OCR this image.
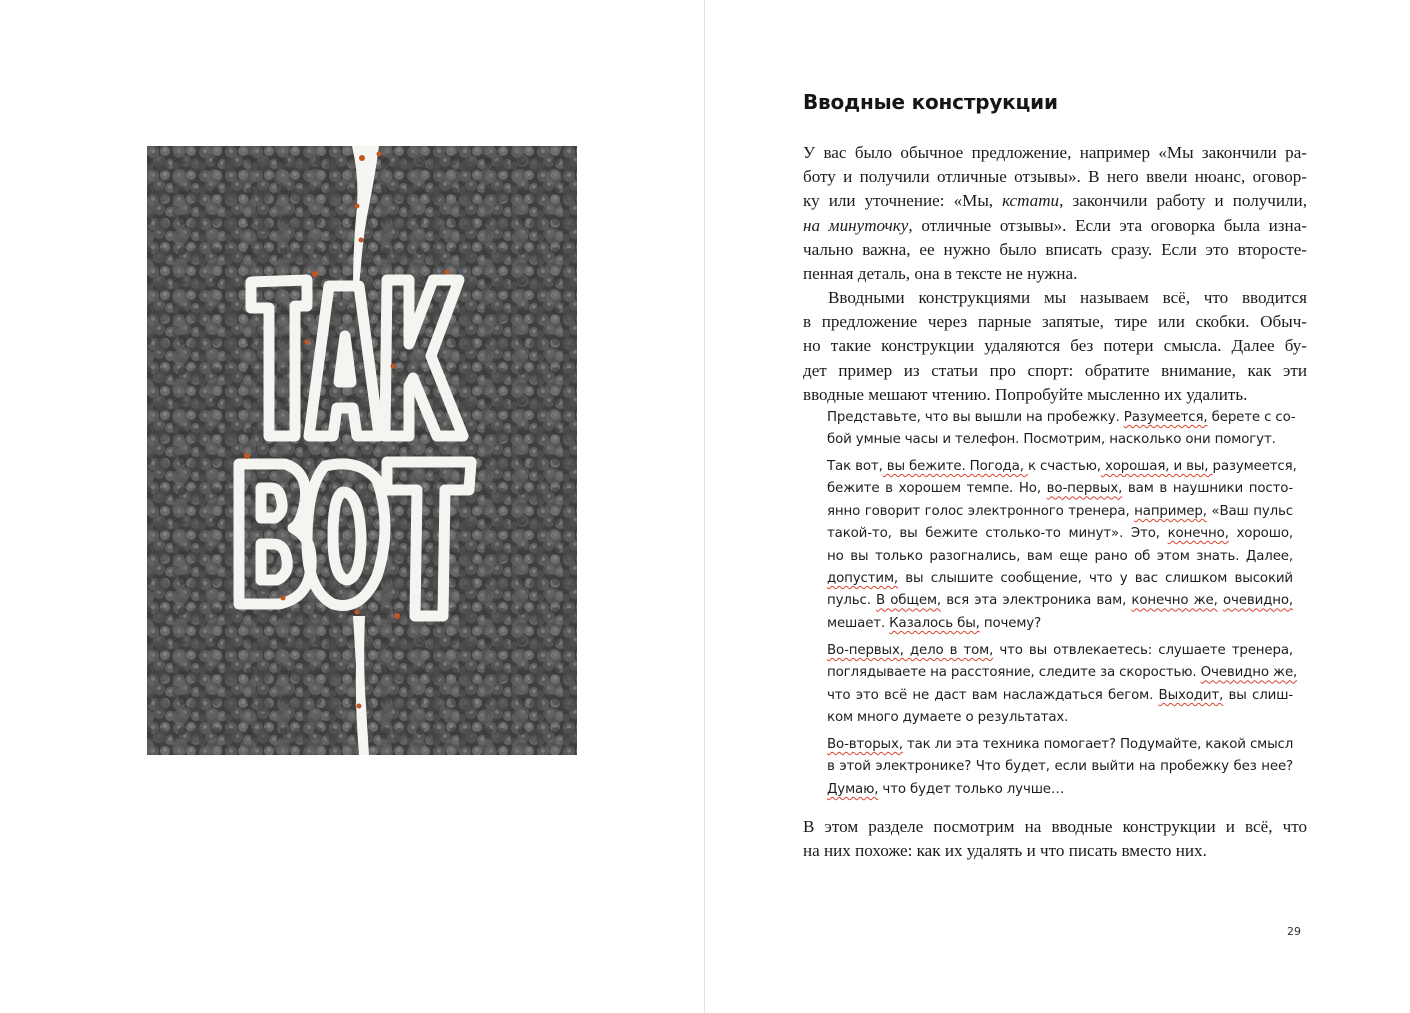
Вводные конструкции
У вас было обычное предложение, например «Мы закончили ра-
боту и получили отличные отзывы». В него ввели нюанс, оговор-
ку или уточнение: «Мы, кстати, закончили работу и получили,
на минуточку, отличные отзывы». Если эта оговорка была изна-
чально важна, ее нужно было вписать сразу. Если это второсте-
пенная деталь, она в тексте не нужна.
Вводными конструкциями мы называем всё, что вводится
в предложение через парные запятые, тире или скобки. Обыч-
но такие конструкции удаляются без потери смысла. Далее бу-
дет пример из статьи про спорт: обратите внимание, как эти
вводные мешают чтению. Попробуйте мысленно их удалить.
В этом разделе посмотрим на вводные конструкции и всё, что
на них похоже: как их удалять и что писать вместо них.
Представьте, что вы вышли на пробежку. Разумеется, берете с со-
бой умные часы и телефон. Посмотрим, насколько они помогут.
Так вот, вы бежите. Погода, к счастью, хорошая, и вы, разумеется,
бежите в хорошем темпе. Но, во-первых, вам в наушники посто-
янно говорит голос электронного тренера, например, «Ваш пульс
такой-то, вы бежите столько-то минут». Это, конечно, хорошо,
но вы только разогнались, вам еще рано об этом знать. Далее,
допустим, вы слышите сообщение, что у вас слишком высокий
пульс. В общем, вся эта электроника вам, конечно же, очевидно,
мешает. Казалось бы, почему?
Во-первых, дело в том, что вы отвлекаетесь: слушаете тренера,
поглядываете на расстояние, следите за скоростью. Очевидно же,
что это всё не даст вам наслаждаться бегом. Выходит, вы слиш-
ком много думаете о результатах.
Во-вторых, так ли эта техника помогает? Подумайте, какой смысл
в этой электронике? Что будет, если выйти на пробежку без нее?
Думаю, что будет только лучше…
29
